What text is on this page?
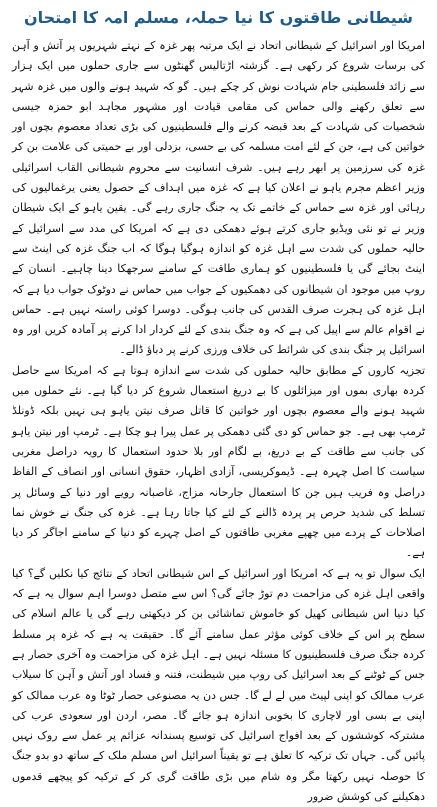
شیطانی طاقتوں کا نیا حملہ، مسلم امہ کا امتحان

امریکا اور اسرائیل کے شیطانی اتحاد نے ایک مرتبہ پھر غزہ کے نہتے شہریوں پر آتش و آہن کی برسات شروع کر رکھی ہے۔ گزشتہ اڑتالیس گھنٹوں سے جاری حملوں میں ایک ہزار سے زائد فلسطینی جام شہادت نوش کر چکے ہیں۔ گو کہ شہید ہونے والوں میں غزہ شہر سے تعلق رکھنے والی حماس کی مقامی قیادت اور مشہور مجاہد ابو حمزہ جیسی شخصیات کی شہادت کے بعد قبضہ کرنے والے فلسطینیوں کی بڑی تعداد معصوم بچوں اور خواتین کی ہے، جن کے لئے امت مسلمہ کی بے حسی، بزدلی اور بے حمیتی کی علامت بن کر غزہ کی سرزمین پر ابھر رہے ہیں۔ شرف انسانیت سے محروم شیطانی القاب اسرائیلی وزیر اعظم مجرم یاہو نے اعلان کیا ہے کہ غزہ میں اہداف کے حصول یعنی یرغمالیوں کی رہائی اور غزہ سے حماس کے خاتمے تک یہ جنگ جاری رہے گی۔ یقین یاہو کے ایک شیطان وزیر نے تو نئی ویڈیو جاری کرتے ہوئے دھمکی دی ہے کہ امریکا کی مدد سے اسرائیل کے حالیہ حملوں کی شدت سے اہل غزہ کو اندازہ ہوگیا ہوگا کہ اب جنگ غزہ کی اینٹ سے اینٹ بجائے گی یا فلسطینیوں کو ہماری طاقت کے سامنے سرجھکا دینا چاہیے۔ انسان کے روپ میں موجود ان شیطانوں کی دھمکیوں کے جواب میں حماس نے دوٹوک جواب دیا ہے کہ اہل غزہ کی ہجرت صرف القدس کی جانب ہوگی۔ دوسرا کوئی راستہ نہیں ہے۔ حماس نے اقوام عالم سے اپیل کی ہے کہ وہ جنگ بندی کے لئے کردار ادا کرنے پر آمادہ کریں اور وہ اسرائیل پر جنگ بندی کی شرائط کی خلاف ورزی کرنے پر دباؤ ڈالے۔

تجزیہ کاروں کے مطابق حالیہ حملوں کی شدت سے اندازہ ہوتا ہے کہ امریکا سے حاصل کردہ بھاری بموں اور میزائلوں کا بے دریغ استعمال شروع کر دیا گیا ہے۔ نئے حملوں میں شہید ہونے والے معصوم بچوں اور خواتین کا قاتل صرف نیتن یاہو ہی نہیں بلکہ ڈونلڈ ٹرمپ بھی ہے۔ جو حماس کو دی گئی دھمکی پر عمل پیرا ہو چکا ہے۔ ٹرمپ اور نیتن یاہو کی جانب سے طاقت کے بے دریغ، بے لگام اور بلا حدود استعمال کا رویہ دراصل مغربی سیاست کا اصل چہرہ ہے۔ ڈیموکریسی، آزادی اظہار، حقوق انسانی اور انصاف کے الفاظ دراصل وہ فریب ہیں جن کا استعمال جارحانہ مزاج، غاصبانہ رویے اور دنیا کے وسائل پر تسلط کی شدید حرص پر پردہ ڈالنے کے لئے کیا جاتا رہا ہے۔ غزہ کی جنگ نے خوش نما اصلاحات کے پردے میں چھپے مغربی طاقتوں کے اصل چہرے کو دنیا کے سامنے اجاگر کر دیا ہے۔

ایک سوال تو یہ ہے کہ امریکا اور اسرائیل کے اس شیطانی اتحاد کے نتائج کیا نکلیں گے؟ کیا واقعی اہل غزہ کی مزاحمت دم توڑ جائے گی؟ اس سے متصل دوسرا اہم سوال یہ ہے کہ کیا دنیا اس شیطانی کھیل کو خاموش تماشائی بن کر دیکھتی رہے گی یا عالم اسلام کی سطح پر اس کے خلاف کوئی مؤثر عمل سامنے آئے گا۔ حقیقت یہ ہے کہ غزہ پر مسلط کردہ جنگ صرف فلسطینیوں کا مسئلہ نہیں ہے۔ اہل غزہ کی مزاحمت وہ آخری حصار ہے جس کے ٹوٹنے کے بعد اسرائیل کی روپ میں شیطنت، فتنہ و فساد اور آتش و آہن کا سیلاب عرب ممالک کو اپنی لپیٹ میں لے لے گا۔ جس دن یہ مصنوعی حصار ٹوٹا وہ عرب ممالک کو اپنی بے بسی اور لاچاری کا بخوبی اندازہ ہو جائے گا۔ مصر، اردن اور سعودی عرب کی مشترکہ کوششوں کے بعد افواج اسرائیل کی توسیع پسندانہ عزائم پر عمل سے روک نہیں پائیں گی۔ جہاں تک ترکیہ کا تعلق ہے تو یقیناً اسرائیل اس مسلم ملک کے ساتھ دو بدو جنگ کا حوصلہ نہیں رکھتا مگر وہ شام میں بڑی طاقت گری کر کے ترکیہ کو پیچھے قدموں دھکیلنے کی کوشش ضرور
